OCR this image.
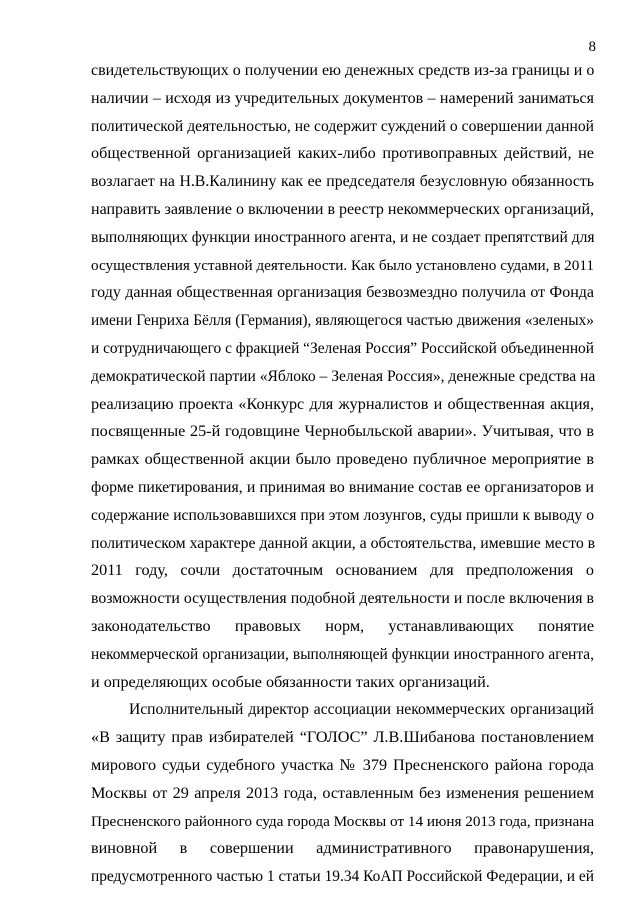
8
свидетельствующих о получении ею денежных средств из-за границы и о
наличии – исходя из учредительных документов – намерений заниматься
политической деятельностью, не содержит суждений о совершении данной
общественной организацией каких-либо противоправных действий, не
возлагает на Н.В.Калинину как ее председателя безусловную обязанность
направить заявление о включении в реестр некоммерческих организаций,
выполняющих функции иностранного агента, и не создает препятствий для
осуществления уставной деятельности. Как было установлено судами, в 2011
году данная общественная организация безвозмездно получила от Фонда
имени Генриха Бёлля (Германия), являющегося частью движения «зеленых»
и сотрудничающего с фракцией “Зеленая Россия” Российской объединенной
демократической партии «Яблоко – Зеленая Россия», денежные средства на
реализацию проекта «Конкурс для журналистов и общественная акция,
посвященные 25-й годовщине Чернобыльской аварии». Учитывая, что в
рамках общественной акции было проведено публичное мероприятие в
форме пикетирования, и принимая во внимание состав ее организаторов и
содержание использовавшихся при этом лозунгов, суды пришли к выводу о
политическом характере данной акции, а обстоятельства, имевшие место в
2011 году, сочли достаточным основанием для предположения о
возможности осуществления подобной деятельности и после включения в
законодательство правовых норм, устанавливающих понятие
некоммерческой организации, выполняющей функции иностранного агента,
и определяющих особые обязанности таких организаций.
Исполнительный директор ассоциации некоммерческих организаций
«В защиту прав избирателей “ГОЛОС” Л.В.Шибанова постановлением
мирового судьи судебного участка № 379 Пресненского района города
Москвы от 29 апреля 2013 года, оставленным без изменения решением
Пресненского районного суда города Москвы от 14 июня 2013 года, признана
виновной в совершении административного правонарушения,
предусмотренного частью 1 статьи 19.34 КоАП Российской Федерации, и ей
